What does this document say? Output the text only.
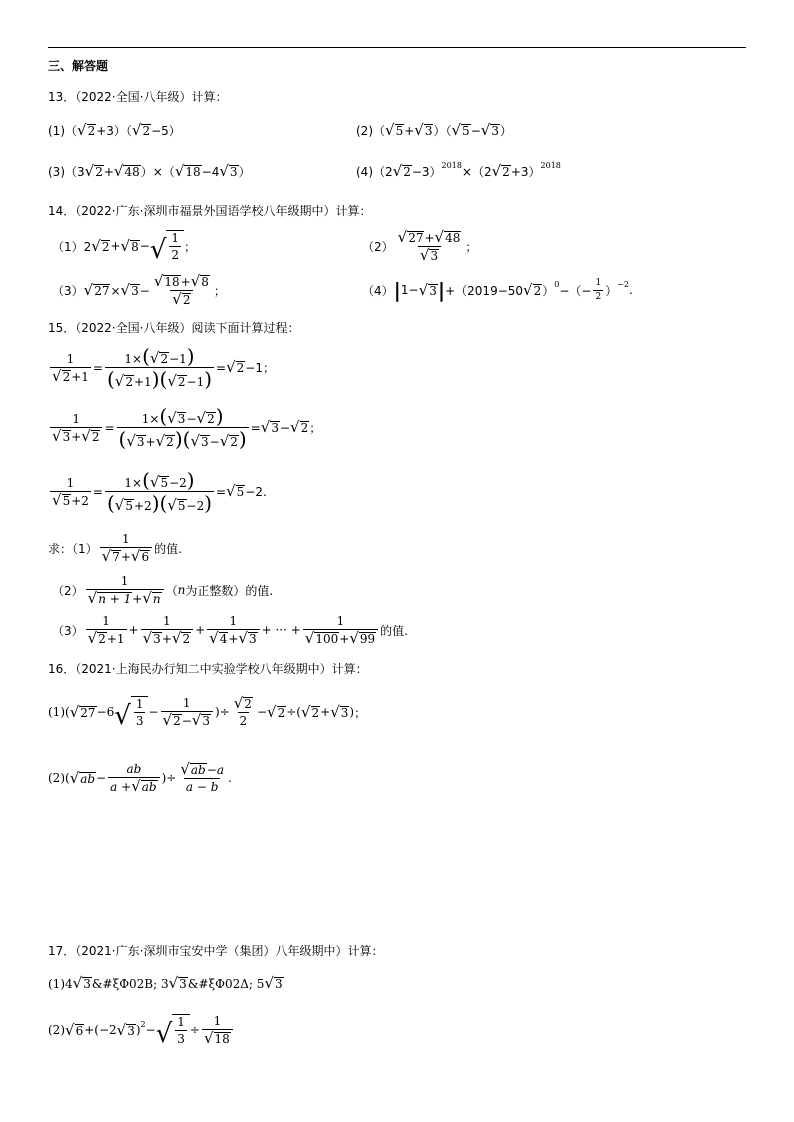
三、解答题
13．（2022·全国·八年级）计算：
(1)（ √ 2 +3）（ √ 2 −5）	(2)（ √ 5 + √ 3 ）（ √ 5 − √ 3 ）
(3)（3 √ 2 + √ 48 ）×（ √ 18 −4 √ 3 ）	(4)（2 √ 2 −3） 2018 ×（2 √ 2 +3） 2018
14．（2022·广东·深圳市福景外国语学校八年级期中）计算：
（1）2 √ 2 + √ 8 − √ $\frac{1}{2}$ ；	$(2) \frac{√ 27 + √ 48}{√ 3}$ ；
（3） √ 27 × √ $3 - \frac{√ 18 + √ 8}{√ 2}$ ；	（4） | 1− √ 3 | +（2019−50 √ 2 ） 0 −（− $\frac{1}{2}$ ） −2 .
15．（2022·全国·八年级）阅读下面计算过程：
$\frac{1}{√ 2 +1} = \frac{1\times( √ 2 -1)}{( √ 2 +1)( √ 2 -1)}$ = √ 2 −1；
$\frac{1}{√ 3 + √ 2} = \frac{1\times( √ 3 - √ 2 )}{( √ 3 + √ 2 )( √ 3 - √ 2 )}$ = √ 3 − √ 2 ；
$\frac{1}{√ 5 +2} = \frac{1\times( √ 5 -2)}{( √ 5 +2)( √ 5 -2)}$ = √ 5 −2.
求：$(1) \frac{1}{√ 7 + √ 6}$ 的值.
$(2) \frac{1}{√ n + 1 + √ n}$ （ n 为正整数）的值.
$(3) \frac{1}{√ 2 +1} + \frac{1}{√ 3 + √ 2} + \frac{1}{√ 4 + √ 3}$ + ··· + $\frac{1}{√ 100 + √ 99}$ 的值.
16．（2021·上海民办行知二中实验学校八年级期中）计算：
(1)( √ 27 − 6 √ $\frac{1}{3} - \frac{1}{√ 2 - √ 3}$ ) ÷ $\frac{√ 2}{2}$ − √ 2 ÷ ( √ 2 + √ 3 ) ；
(2)( √ ab − $\frac{ab}{a + √ ab}$ ) ÷ $\frac{√ ab -a}{a - b}$ .
17．（2021·广东·深圳市宝安中学（集团）八年级期中）计算：
(1)4 √ 3 &#ξΦ02B; 3 √ 3 &#ξΦ02Δ; 5 √ 3
(2) √ 6 +(−2 √ 3 ) 2 − √ $\frac{1}{3} \div \frac{1}{√ 18}$
